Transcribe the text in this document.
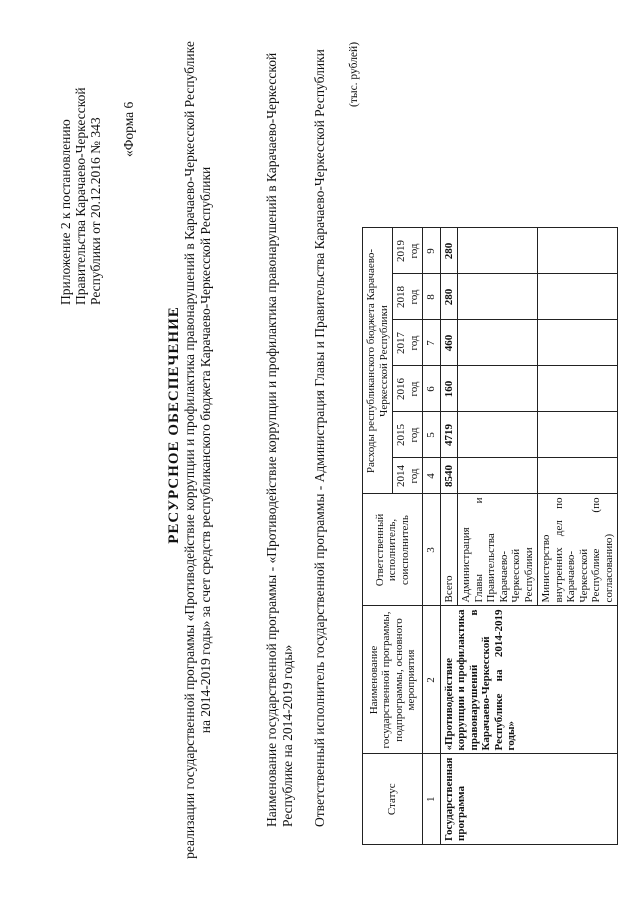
Приложение 2 к постановлению Правительства Карачаево-Черкесской Республики от 20.12.2016 № 343 «Форма 6
РЕСУРСНОЕ ОБЕСПЕЧЕНИЕ реализации государственной программы «Противодействие коррупции и профилактика правонарушений в Карачаево-Черкесской Республике на 2014-2019 годы» за счет средств республиканского бюджета Карачаево-Черкесской Республики	Наименование государственной программы - «Противодействие коррупции и профилактика правонарушений в Карачаево-Черкесской Республике на 2014-2019 годы» Ответственный исполнитель государственной программы - Администрация Главы и Правительства Карачаево-Черкесской Республики (тыс. рублей)
Статус	Наименование государственной программы, подпрограммы, основного мероприятия	Ответственный исполнитель, соисполнитель	Расходы республиканского бюджета Карачаево-Черкесской Республики					
			2014 год	2015 год	2016 год	2017 год	2018 год	2019 год
1	2	3	4	5	6	7	8	9
Государственная программа	«Противодействие коррупции и профилактика правонарушений в Карачаево-Черкесской Республике на 2014-2019 годы»	Всего	8540	4719	160	460	280	280
		Администрация Главы и Правительства Карачаево-Черкесской Республики						
		Министерство внутренних дел по Карачаево-Черкесской Республике (по согласованию)						
